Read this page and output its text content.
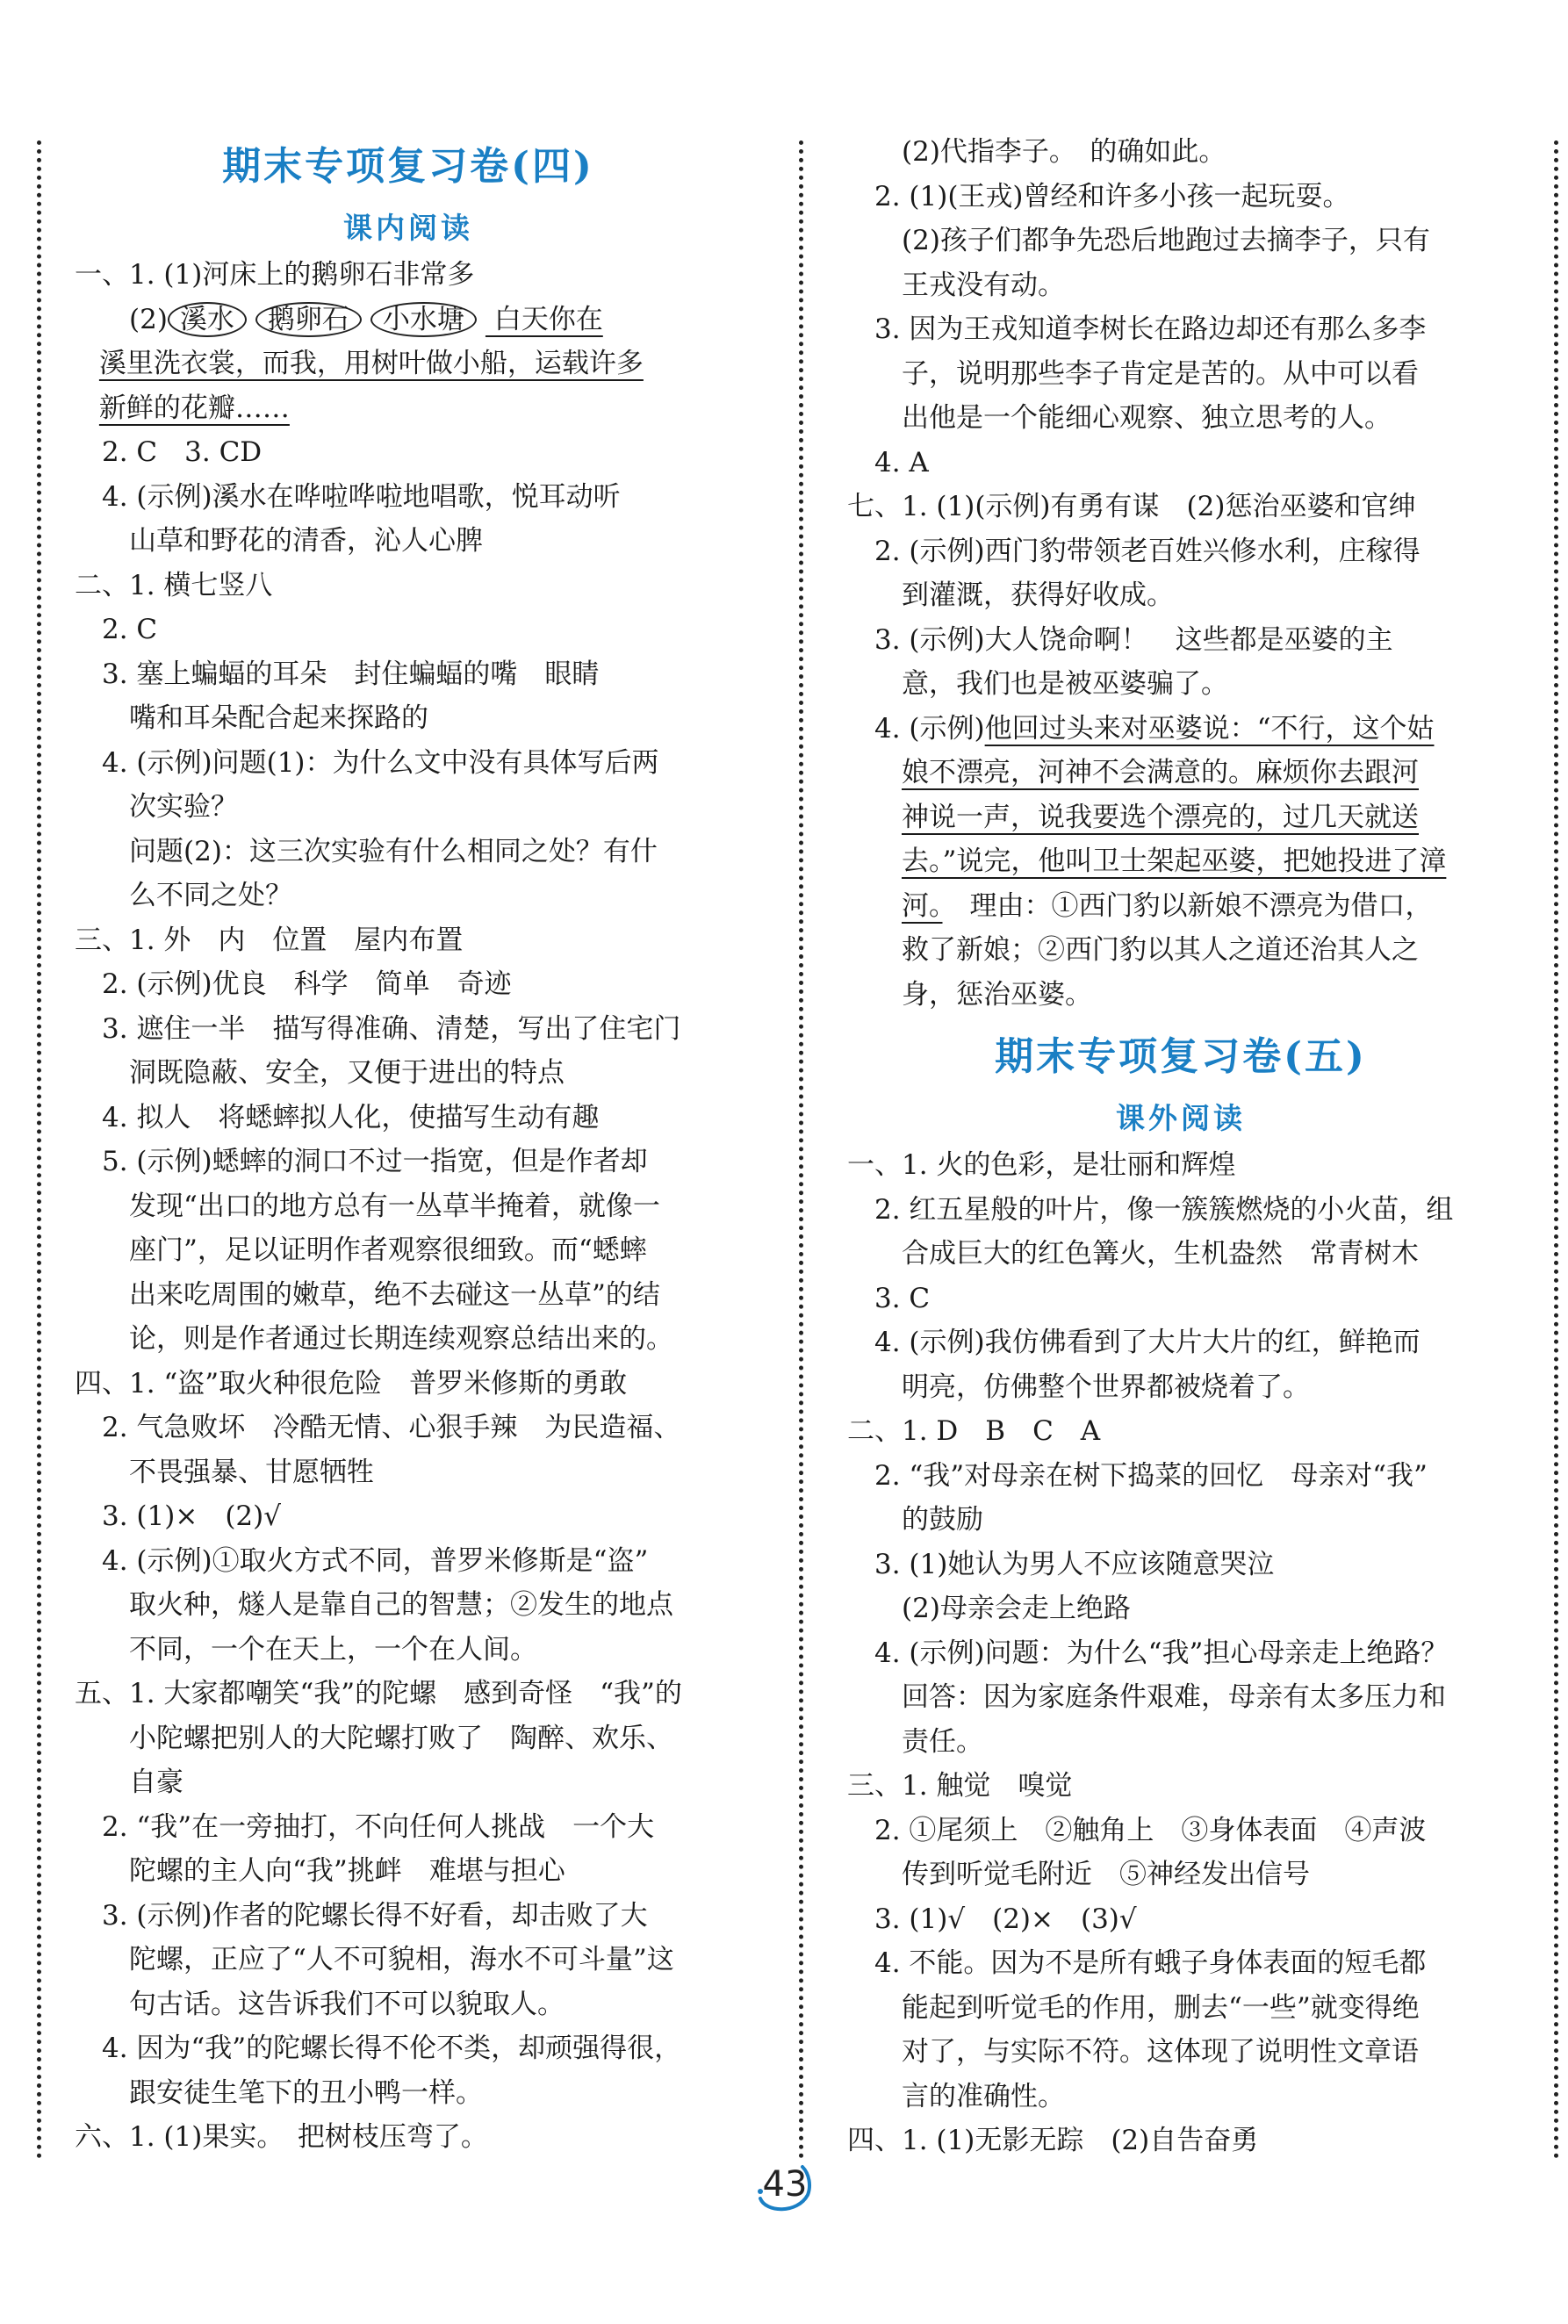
期末专项复习卷(四)
课内阅读
一、1. (1)河床上的鹅卵石非常多
(2) 溪水 鹅卵石 小水塘 白天你在
溪里洗衣裳，而我，用树叶做小船，运载许多
新鲜的花瓣……
2. C　3. CD
4. (示例)溪水在哗啦哗啦地唱歌，悦耳动听
山草和野花的清香，沁人心脾
二、1. 横七竖八
2. C
3. 塞上蝙蝠的耳朵　封住蝙蝠的嘴　眼睛
嘴和耳朵配合起来探路的
4. (示例)问题(1)：为什么文中没有具体写后两
次实验？
问题(2)：这三次实验有什么相同之处？有什
么不同之处？
三、1. 外　内　位置　屋内布置
2. (示例)优良　科学　简单　奇迹
3. 遮住一半　描写得准确、清楚，写出了住宅门
洞既隐蔽、安全，又便于进出的特点
4. 拟人　将蟋蟀拟人化，使描写生动有趣
5. (示例)蟋蟀的洞口不过一指宽，但是作者却
发现“出口的地方总有一丛草半掩着，就像一
座门”，足以证明作者观察很细致。而“蟋蟀
出来吃周围的嫩草，绝不去碰这一丛草”的结
论，则是作者通过长期连续观察总结出来的。
四、1. “盗”取火种很危险　普罗米修斯的勇敢
2. 气急败坏　冷酷无情、心狠手辣　为民造福、
不畏强暴、甘愿牺牲
3. (1)×　(2)√
4. (示例)①取火方式不同，普罗米修斯是“盗”
取火种，燧人是靠自己的智慧；②发生的地点
不同，一个在天上，一个在人间。
五、1. 大家都嘲笑“我”的陀螺　感到奇怪　“我”的
小陀螺把别人的大陀螺打败了　陶醉、欢乐、
自豪
2. “我”在一旁抽打，不向任何人挑战　一个大
陀螺的主人向“我”挑衅　难堪与担心
3. (示例)作者的陀螺长得不好看，却击败了大
陀螺，正应了“人不可貌相，海水不可斗量”这
句古话。这告诉我们不可以貌取人。
4. 因为“我”的陀螺长得不伦不类，却顽强得很，
跟安徒生笔下的丑小鸭一样。
六、1. (1)果实。　把树枝压弯了。
(2)代指李子。　的确如此。
2. (1)(王戎)曾经和许多小孩一起玩耍。
(2)孩子们都争先恐后地跑过去摘李子，只有
王戎没有动。
3. 因为王戎知道李树长在路边却还有那么多李
子，说明那些李子肯定是苦的。从中可以看
出他是一个能细心观察、独立思考的人。
4. A
七、1. (1)(示例)有勇有谋　(2)惩治巫婆和官绅
2. (示例)西门豹带领老百姓兴修水利，庄稼得
到灌溉，获得好收成。
3. (示例)大人饶命啊！　这些都是巫婆的主
意，我们也是被巫婆骗了。
4. (示例)他回过头来对巫婆说：“不行，这个姑
娘不漂亮，河神不会满意的。麻烦你去跟河
神说一声，说我要选个漂亮的，过几天就送
去。”说完，他叫卫士架起巫婆，把她投进了漳
河。　理由：①西门豹以新娘不漂亮为借口，
救了新娘；②西门豹以其人之道还治其人之
身，惩治巫婆。
期末专项复习卷(五)
课外阅读
一、1. 火的色彩，是壮丽和辉煌
2. 红五星般的叶片，像一簇簇燃烧的小火苗，组
合成巨大的红色篝火，生机盎然　常青树木
3. C
4. (示例)我仿佛看到了大片大片的红，鲜艳而
明亮，仿佛整个世界都被烧着了。
二、1. D　B　C　A
2. “我”对母亲在树下捣菜的回忆　母亲对“我”
的鼓励
3. (1)她认为男人不应该随意哭泣
(2)母亲会走上绝路
4. (示例)问题：为什么“我”担心母亲走上绝路？
回答：因为家庭条件艰难，母亲有太多压力和
责任。
三、1. 触觉　嗅觉
2. ①尾须上　②触角上　③身体表面　④声波
传到听觉毛附近　⑤神经发出信号
3. (1)√　(2)×　(3)√
4. 不能。因为不是所有蛾子身体表面的短毛都
能起到听觉毛的作用，删去“一些”就变得绝
对了，与实际不符。这体现了说明性文章语
言的准确性。
四、1. (1)无影无踪　(2)自告奋勇
43
